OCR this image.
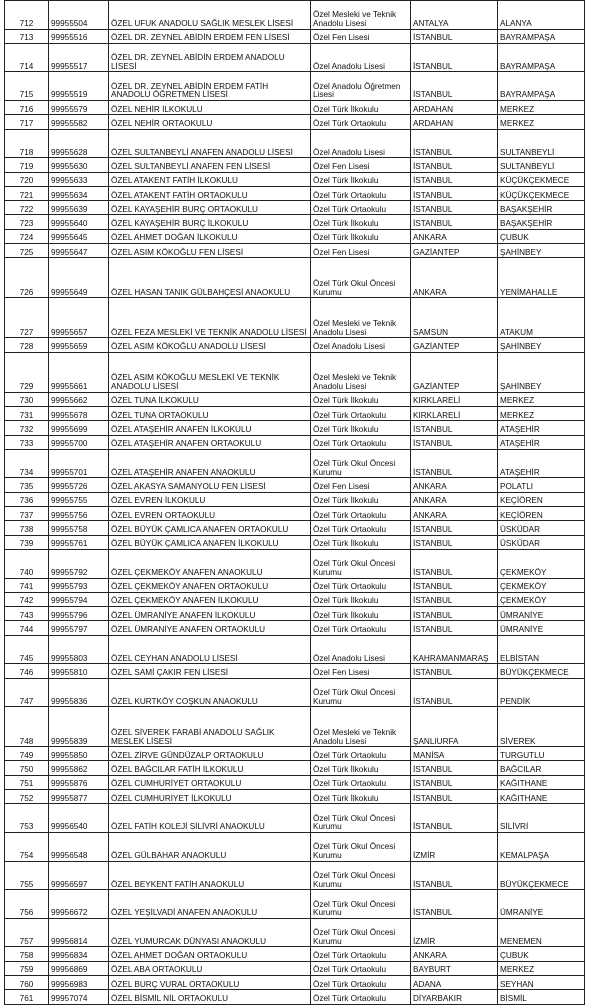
712	99955504	ÖZEL UFUK ANADOLU SAĞLIK MESLEK LİSESİ	Özel Mesleki ve Teknik Anadolu Lisesi	ANTALYA	ALANYA
713	99955516	ÖZEL DR. ZEYNEL ABİDİN ERDEM FEN LİSESİ	Özel Fen Lisesi	İSTANBUL	BAYRAMPAŞA
714	99955517	ÖZEL DR. ZEYNEL ABİDİN ERDEM ANADOLU LİSESİ	Özel Anadolu Lisesi	İSTANBUL	BAYRAMPAŞA
715	99955519	ÖZEL DR. ZEYNEL ABİDİN ERDEM FATİH ANADOLU ÖĞRETMEN LİSESİ	Özel Anadolu Öğretmen Lisesi	İSTANBUL	BAYRAMPAŞA
716	99955579	ÖZEL NEHİR İLKOKULU	Özel Türk İlkokulu	ARDAHAN	MERKEZ
717	99955582	ÖZEL NEHİR ORTAOKULU	Özel Türk Ortaokulu	ARDAHAN	MERKEZ
718	99955628	ÖZEL SULTANBEYLİ ANAFEN ANADOLU LİSESİ	Özel Anadolu Lisesi	İSTANBUL	SULTANBEYLİ
719	99955630	ÖZEL SULTANBEYLİ ANAFEN FEN LİSESİ	Özel Fen Lisesi	İSTANBUL	SULTANBEYLİ
720	99955633	ÖZEL ATAKENT FATİH İLKOKULU	Özel Türk İlkokulu	İSTANBUL	KÜÇÜKÇEKMECE
721	99955634	ÖZEL ATAKENT FATİH ORTAOKULU	Özel Türk Ortaokulu	İSTANBUL	KÜÇÜKÇEKMECE
722	99955639	ÖZEL KAYAŞEHİR BURÇ ORTAOKULU	Özel Türk Ortaokulu	İSTANBUL	BAŞAKŞEHİR
723	99955640	ÖZEL KAYAŞEHİR BURÇ İLKOKULU	Özel Türk İlkokulu	İSTANBUL	BAŞAKŞEHİR
724	99955645	ÖZEL AHMET DOĞAN İLKOKULU	Özel Türk İlkokulu	ANKARA	ÇUBUK
725	99955647	ÖZEL ASIM KÖKOĞLU FEN LİSESİ	Özel Fen Lisesi	GAZİANTEP	ŞAHİNBEY
726	99955649	ÖZEL HASAN TANIK GÜLBAHÇESİ ANAOKULU	Özel Türk Okul Öncesi Kurumu	ANKARA	YENİMAHALLE
727	99955657	ÖZEL FEZA MESLEKİ VE TEKNİK ANADOLU LİSESİ	Özel Mesleki ve Teknik Anadolu Lisesi	SAMSUN	ATAKUM
728	99955659	ÖZEL ASIM KÖKOĞLU ANADOLU LİSESİ	Özel Anadolu Lisesi	GAZİANTEP	ŞAHİNBEY
729	99955661	ÖZEL ASIM KÖKOĞLU MESLEKİ VE TEKNİK ANADOLU LİSESİ	Özel Mesleki ve Teknik Anadolu Lisesi	GAZİANTEP	ŞAHİNBEY
730	99955662	ÖZEL TUNA İLKOKULU	Özel Türk İlkokulu	KIRKLARELİ	MERKEZ
731	99955678	ÖZEL TUNA ORTAOKULU	Özel Türk Ortaokulu	KIRKLARELİ	MERKEZ
732	99955699	ÖZEL ATAŞEHİR ANAFEN İLKOKULU	Özel Türk İlkokulu	İSTANBUL	ATAŞEHİR
733	99955700	ÖZEL ATAŞEHİR ANAFEN ORTAOKULU	Özel Türk Ortaokulu	İSTANBUL	ATAŞEHİR
734	99955701	ÖZEL ATAŞEHİR ANAFEN ANAOKULU	Özel Türk Okul Öncesi Kurumu	İSTANBUL	ATAŞEHİR
735	99955726	ÖZEL AKASYA SAMANYOLU FEN LİSESİ	Özel Fen Lisesi	ANKARA	POLATLI
736	99955755	ÖZEL EVREN İLKOKULU	Özel Türk İlkokulu	ANKARA	KEÇİÖREN
737	99955756	ÖZEL EVREN ORTAOKULU	Özel Türk Ortaokulu	ANKARA	KEÇİÖREN
738	99955758	ÖZEL BÜYÜK ÇAMLICA ANAFEN ORTAOKULU	Özel Türk Ortaokulu	İSTANBUL	ÜSKÜDAR
739	99955761	ÖZEL BÜYÜK ÇAMLICA ANAFEN İLKOKULU	Özel Türk İlkokulu	İSTANBUL	ÜSKÜDAR
740	99955792	ÖZEL ÇEKMEKÖY ANAFEN ANAOKULU	Özel Türk Okul Öncesi Kurumu	İSTANBUL	ÇEKMEKÖY
741	99955793	ÖZEL ÇEKMEKÖY ANAFEN ORTAOKULU	Özel Türk Ortaokulu	İSTANBUL	ÇEKMEKÖY
742	99955794	ÖZEL ÇEKMEKÖY ANAFEN İLKOKULU	Özel Türk İlkokulu	İSTANBUL	ÇEKMEKÖY
743	99955796	ÖZEL ÜMRANİYE ANAFEN İLKOKULU	Özel Türk İlkokulu	İSTANBUL	ÜMRANİYE
744	99955797	ÖZEL ÜMRANİYE ANAFEN ORTAOKULU	Özel Türk Ortaokulu	İSTANBUL	ÜMRANİYE
745	99955803	ÖZEL CEYHAN ANADOLU LİSESİ	Özel Anadolu Lisesi	KAHRAMANMARAŞ	ELBİSTAN
746	99955810	ÖZEL SAMİ ÇAKIR FEN LİSESİ	Özel Fen Lisesi	İSTANBUL	BÜYÜKÇEKMECE
747	99955836	ÖZEL KURTKÖY COŞKUN ANAOKULU	Özel Türk Okul Öncesi Kurumu	İSTANBUL	PENDİK
748	99955839	ÖZEL SİVEREK FARABİ ANADOLU SAĞLIK MESLEK LİSESİ	Özel Mesleki ve Teknik Anadolu Lisesi	ŞANLIURFA	SİVEREK
749	99955850	ÖZEL ZİRVE GÜNDÜZALP ORTAOKULU	Özel Türk Ortaokulu	MANİSA	TURGUTLU
750	99955862	ÖZEL BAĞCILAR FATİH İLKOKULU	Özel Türk İlkokulu	İSTANBUL	BAĞCILAR
751	99955876	ÖZEL CUMHURİYET ORTAOKULU	Özel Türk Ortaokulu	İSTANBUL	KAĞITHANE
752	99955877	ÖZEL CUMHURİYET İLKOKULU	Özel Türk İlkokulu	İSTANBUL	KAĞITHANE
753	99956540	ÖZEL FATİH KOLEJİ SİLİVRİ ANAOKULU	Özel Türk Okul Öncesi Kurumu	İSTANBUL	SİLİVRİ
754	99956548	ÖZEL GÜLBAHAR ANAOKULU	Özel Türk Okul Öncesi Kurumu	İZMİR	KEMALPAŞA
755	99956597	ÖZEL BEYKENT FATİH ANAOKULU	Özel Türk Okul Öncesi Kurumu	İSTANBUL	BÜYÜKÇEKMECE
756	99956672	ÖZEL YEŞİLVADİ ANAFEN ANAOKULU	Özel Türk Okul Öncesi Kurumu	İSTANBUL	ÜMRANİYE
757	99956814	ÖZEL YUMURCAK DÜNYASI ANAOKULU	Özel Türk Okul Öncesi Kurumu	İZMİR	MENEMEN
758	99956834	ÖZEL AHMET DOĞAN ORTAOKULU	Özel Türk Ortaokulu	ANKARA	ÇUBUK
759	99956869	ÖZEL ABA ORTAOKULU	Özel Türk Ortaokulu	BAYBURT	MERKEZ
760	99956983	ÖZEL BURÇ VURAL ORTAOKULU	Özel Türk Ortaokulu	ADANA	SEYHAN
761	99957074	ÖZEL BİSMİL NİL ORTAOKULU	Özel Türk Ortaokulu	DİYARBAKIR	BİSMİL
